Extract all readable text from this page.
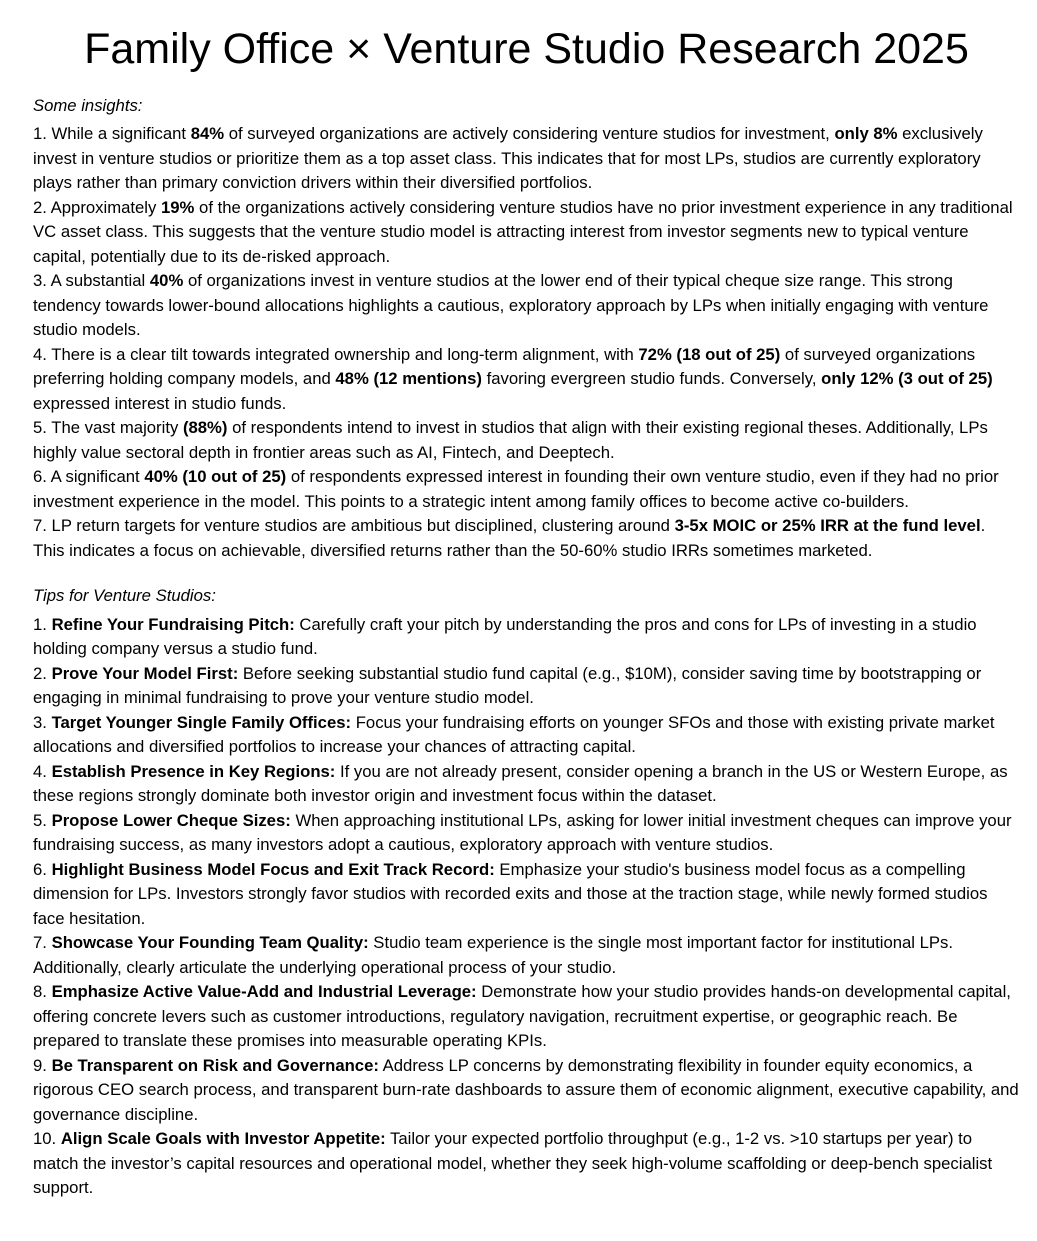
Family Office × Venture Studio Research 2025

Some insights:

1. While a significant 84% of surveyed organizations are actively considering venture studios for investment, only 8% exclusively invest in venture studios or prioritize them as a top asset class. This indicates that for most LPs, studios are currently exploratory plays rather than primary conviction drivers within their diversified portfolios.

2. Approximately 19% of the organizations actively considering venture studios have no prior investment experience in any traditional VC asset class. This suggests that the venture studio model is attracting interest from investor segments new to typical venture capital, potentially due to its de-risked approach.

3. A substantial 40% of organizations invest in venture studios at the lower end of their typical cheque size range. This strong tendency towards lower-bound allocations highlights a cautious, exploratory approach by LPs when initially engaging with venture studio models.

4. There is a clear tilt towards integrated ownership and long-term alignment, with 72% (18 out of 25) of surveyed organizations preferring holding company models, and 48% (12 mentions) favoring evergreen studio funds. Conversely, only 12% (3 out of 25) expressed interest in studio funds.

5. The vast majority (88%) of respondents intend to invest in studios that align with their existing regional theses. Additionally, LPs highly value sectoral depth in frontier areas such as AI, Fintech, and Deeptech.

6. A significant 40% (10 out of 25) of respondents expressed interest in founding their own venture studio, even if they had no prior investment experience in the model. This points to a strategic intent among family offices to become active co-builders.

7. LP return targets for venture studios are ambitious but disciplined, clustering around 3-5x MOIC or 25% IRR at the fund level. This indicates a focus on achievable, diversified returns rather than the 50-60% studio IRRs sometimes marketed.

Tips for Venture Studios:

1. Refine Your Fundraising Pitch: Carefully craft your pitch by understanding the pros and cons for LPs of investing in a studio holding company versus a studio fund.

2. Prove Your Model First: Before seeking substantial studio fund capital (e.g., $10M), consider saving time by bootstrapping or engaging in minimal fundraising to prove your venture studio model.

3. Target Younger Single Family Offices: Focus your fundraising efforts on younger SFOs and those with existing private market allocations and diversified portfolios to increase your chances of attracting capital.

4. Establish Presence in Key Regions: If you are not already present, consider opening a branch in the US or Western Europe, as these regions strongly dominate both investor origin and investment focus within the dataset.

5. Propose Lower Cheque Sizes: When approaching institutional LPs, asking for lower initial investment cheques can improve your fundraising success, as many investors adopt a cautious, exploratory approach with venture studios.

6. Highlight Business Model Focus and Exit Track Record: Emphasize your studio's business model focus as a compelling dimension for LPs. Investors strongly favor studios with recorded exits and those at the traction stage, while newly formed studios face hesitation.

7. Showcase Your Founding Team Quality: Studio team experience is the single most important factor for institutional LPs. Additionally, clearly articulate the underlying operational process of your studio.

8. Emphasize Active Value-Add and Industrial Leverage: Demonstrate how your studio provides hands-on developmental capital, offering concrete levers such as customer introductions, regulatory navigation, recruitment expertise, or geographic reach. Be prepared to translate these promises into measurable operating KPIs.

9. Be Transparent on Risk and Governance: Address LP concerns by demonstrating flexibility in founder equity economics, a rigorous CEO search process, and transparent burn-rate dashboards to assure them of economic alignment, executive capability, and governance discipline.

10. Align Scale Goals with Investor Appetite: Tailor your expected portfolio throughput (e.g., 1-2 vs. >10 startups per year) to match the investor’s capital resources and operational model, whether they seek high-volume scaffolding or deep-bench specialist support.
